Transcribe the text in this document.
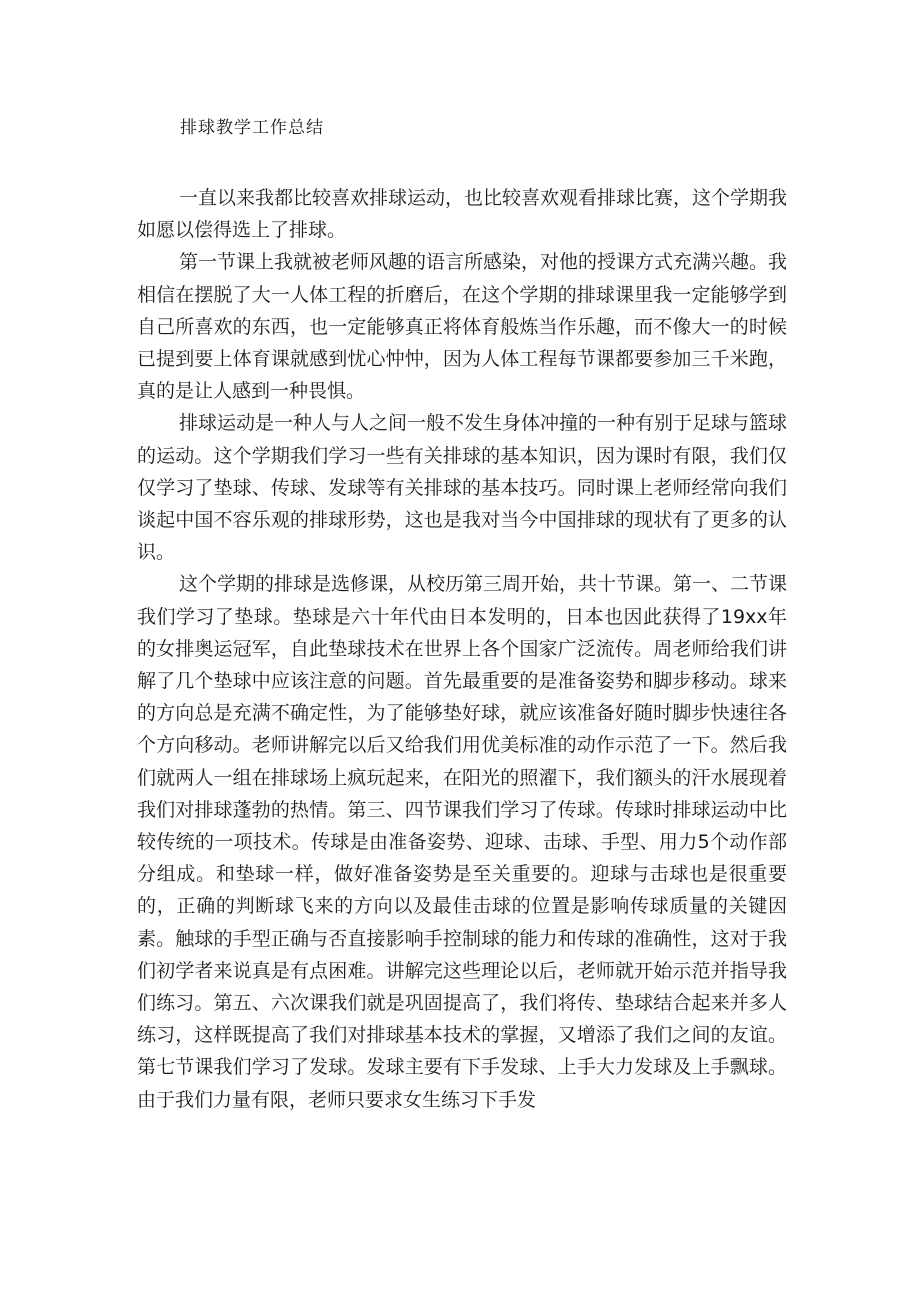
排球教学工作总结

一直以来我都比较喜欢排球运动，也比较喜欢观看排球比赛，这个学期我如愿以偿得选上了排球。

第一节课上我就被老师风趣的语言所感染，对他的授课方式充满兴趣。我相信在摆脱了大一人体工程的折磨后，在这个学期的排球课里我一定能够学到自己所喜欢的东西，也一定能够真正将体育般炼当作乐趣，而不像大一的时候已提到要上体育课就感到忧心忡忡，因为人体工程每节课都要参加三千米跑，真的是让人感到一种畏惧。

排球运动是一种人与人之间一般不发生身体冲撞的一种有别于足球与篮球的运动。这个学期我们学习一些有关排球的基本知识，因为课时有限，我们仅仅学习了垫球、传球、发球等有关排球的基本技巧。同时课上老师经常向我们谈起中国不容乐观的排球形势，这也是我对当今中国排球的现状有了更多的认识。

这个学期的排球是选修课，从校历第三周开始，共十节课。第一、二节课我们学习了垫球。垫球是六十年代由日本发明的，日本也因此获得了19xx年的女排奥运冠军，自此垫球技术在世界上各个国家广泛流传。周老师给我们讲解了几个垫球中应该注意的问题。首先最重要的是准备姿势和脚步移动。球来的方向总是充满不确定性，为了能够垫好球，就应该准备好随时脚步快速往各个方向移动。老师讲解完以后又给我们用优美标准的动作示范了一下。然后我们就两人一组在排球场上疯玩起来，在阳光的照濯下，我们额头的汗水展现着我们对排球蓬勃的热情。第三、四节课我们学习了传球。传球时排球运动中比较传统的一项技术。传球是由准备姿势、迎球、击球、手型、用力5个动作部分组成。和垫球一样，做好准备姿势是至关重要的。迎球与击球也是很重要的，正确的判断球飞来的方向以及最佳击球的位置是影响传球质量的关键因素。触球的手型正确与否直接影响手控制球的能力和传球的准确性，这对于我们初学者来说真是有点困难。讲解完这些理论以后，老师就开始示范并指导我们练习。第五、六次课我们就是巩固提高了，我们将传、垫球结合起来并多人练习，这样既提高了我们对排球基本技术的掌握，又增添了我们之间的友谊。第七节课我们学习了发球。发球主要有下手发球、上手大力发球及上手飘球。由于我们力量有限，老师只要求女生练习下手发
